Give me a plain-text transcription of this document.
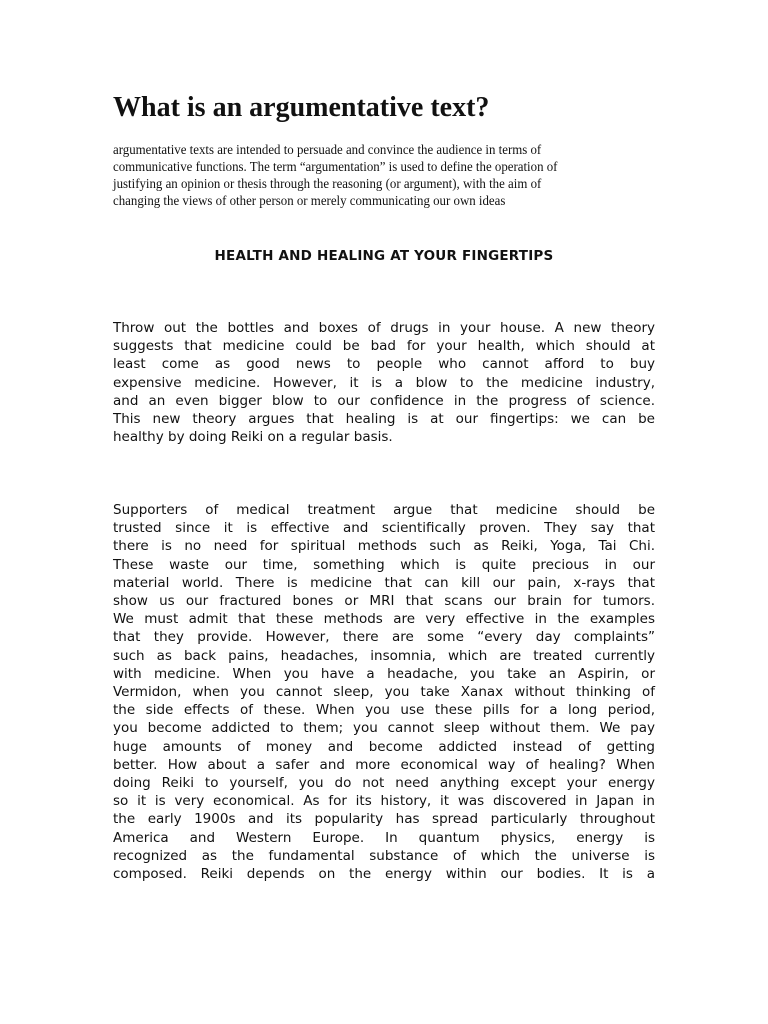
What is an argumentative text?

argumentative texts are intended to persuade and convince the audience in terms of
communicative functions. The term “argumentation” is used to define the operation of
justifying an opinion or thesis through the reasoning (or argument), with the aim of
changing the views of other person or merely communicating our own ideas

HEALTH AND HEALING AT YOUR FINGERTIPS

Throw out the bottles and boxes of drugs in your house. A new theory
suggests that medicine could be bad for your health, which should at
least come as good news to people who cannot afford to buy
expensive medicine. However, it is a blow to the medicine industry,
and an even bigger blow to our confidence in the progress of science.
This new theory argues that healing is at our fingertips: we can be
healthy by doing Reiki on a regular basis.

Supporters of medical treatment argue that medicine should be
trusted since it is effective and scientifically proven. They say that
there is no need for spiritual methods such as Reiki, Yoga, Tai Chi.
These waste our time, something which is quite precious in our
material world. There is medicine that can kill our pain, x-rays that
show us our fractured bones or MRI that scans our brain for tumors.
We must admit that these methods are very effective in the examples
that they provide. However, there are some “every day complaints”
such as back pains, headaches, insomnia, which are treated currently
with medicine. When you have a headache, you take an Aspirin, or
Vermidon, when you cannot sleep, you take Xanax without thinking of
the side effects of these. When you use these pills for a long period,
you become addicted to them; you cannot sleep without them. We pay
huge amounts of money and become addicted instead of getting
better. How about a safer and more economical way of healing? When
doing Reiki to yourself, you do not need anything except your energy
so it is very economical. As for its history, it was discovered in Japan in
the early 1900s and its popularity has spread particularly throughout
America and Western Europe. In quantum physics, energy is
recognized as the fundamental substance of which the universe is
composed. Reiki depends on the energy within our bodies. It is a
